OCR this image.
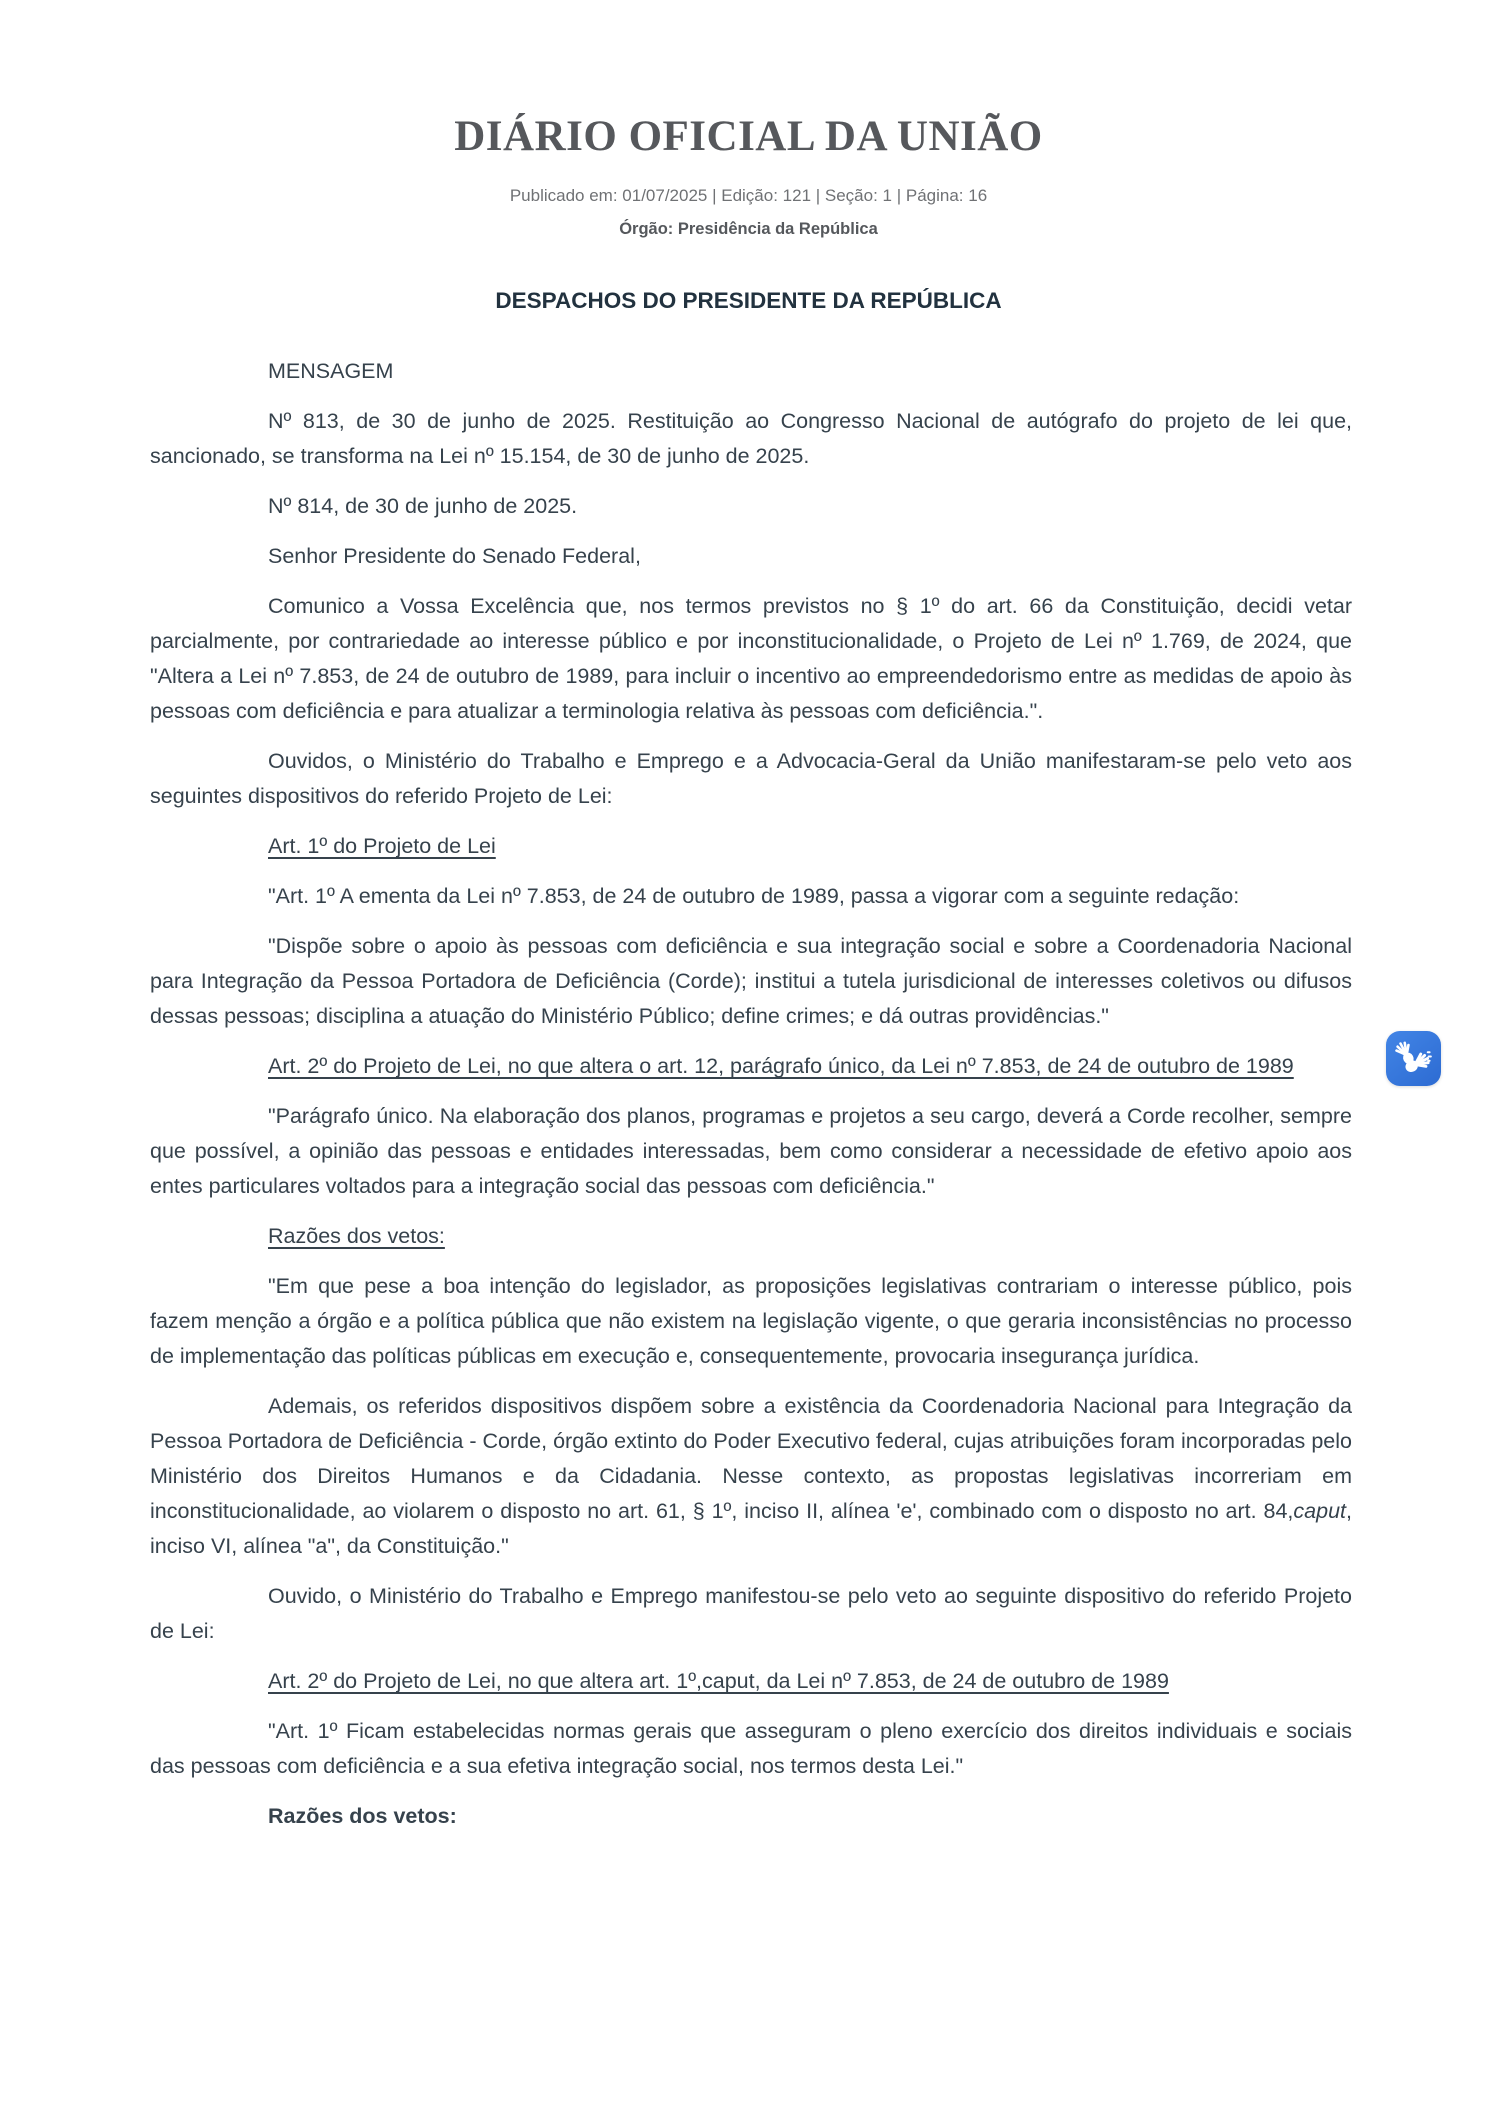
DIÁRIO OFICIAL DA UNIÃO
Publicado em: 01/07/2025 | Edição: 121 | Seção: 1 | Página: 16
Órgão: Presidência da República
DESPACHOS DO PRESIDENTE DA REPÚBLICA

MENSAGEM

Nº 813, de 30 de junho de 2025. Restituição ao Congresso Nacional de autógrafo do projeto de lei que, sancionado, se transforma na Lei nº 15.154, de 30 de junho de 2025.

Nº 814, de 30 de junho de 2025.

Senhor Presidente do Senado Federal,

Comunico a Vossa Excelência que, nos termos previstos no § 1º do art. 66 da Constituição, decidi vetar parcialmente, por contrariedade ao interesse público e por inconstitucionalidade, o Projeto de Lei nº 1.769, de 2024, que "Altera a Lei nº 7.853, de 24 de outubro de 1989, para incluir o incentivo ao empreendedorismo entre as medidas de apoio às pessoas com deficiência e para atualizar a terminologia relativa às pessoas com deficiência.".

Ouvidos, o Ministério do Trabalho e Emprego e a Advocacia-Geral da União manifestaram-se pelo veto aos seguintes dispositivos do referido Projeto de Lei:

Art. 1º do Projeto de Lei

"Art. 1º A ementa da Lei nº 7.853, de 24 de outubro de 1989, passa a vigorar com a seguinte redação:

"Dispõe sobre o apoio às pessoas com deficiência e sua integração social e sobre a Coordenadoria Nacional para Integração da Pessoa Portadora de Deficiência (Corde); institui a tutela jurisdicional de interesses coletivos ou difusos dessas pessoas; disciplina a atuação do Ministério Público; define crimes; e dá outras providências."

Art. 2º do Projeto de Lei, no que altera o art. 12, parágrafo único, da Lei nº 7.853, de 24 de outubro de 1989

"Parágrafo único. Na elaboração dos planos, programas e projetos a seu cargo, deverá a Corde recolher, sempre que possível, a opinião das pessoas e entidades interessadas, bem como considerar a necessidade de efetivo apoio aos entes particulares voltados para a integração social das pessoas com deficiência."

Razões dos vetos:

"Em que pese a boa intenção do legislador, as proposições legislativas contrariam o interesse público, pois fazem menção a órgão e a política pública que não existem na legislação vigente, o que geraria inconsistências no processo de implementação das políticas públicas em execução e, consequentemente, provocaria insegurança jurídica.

Ademais, os referidos dispositivos dispõem sobre a existência da Coordenadoria Nacional para Integração da Pessoa Portadora de Deficiência - Corde, órgão extinto do Poder Executivo federal, cujas atribuições foram incorporadas pelo Ministério dos Direitos Humanos e da Cidadania. Nesse contexto, as propostas legislativas incorreriam em inconstitucionalidade, ao violarem o disposto no art. 61, § 1º, inciso II, alínea 'e', combinado com o disposto no art. 84,caput, inciso VI, alínea "a", da Constituição."

Ouvido, o Ministério do Trabalho e Emprego manifestou-se pelo veto ao seguinte dispositivo do referido Projeto de Lei:

Art. 2º do Projeto de Lei, no que altera art. 1º,caput, da Lei nº 7.853, de 24 de outubro de 1989

"Art. 1º Ficam estabelecidas normas gerais que asseguram o pleno exercício dos direitos individuais e sociais das pessoas com deficiência e a sua efetiva integração social, nos termos desta Lei."

Razões dos vetos:
